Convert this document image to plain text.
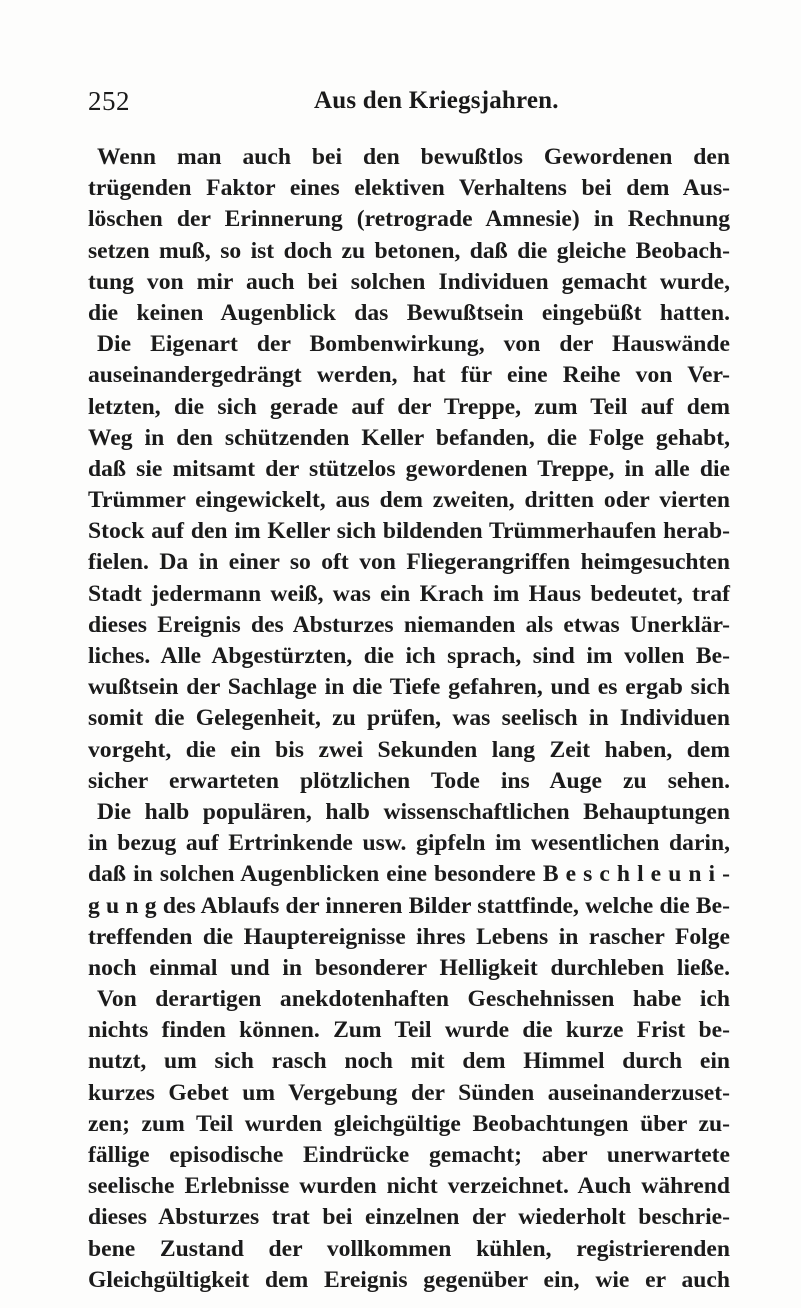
252	Aus den Kriegsjahren.
Wenn man auch bei den bewußtlos Gewordenen den
trügenden Faktor eines elektiven Verhaltens bei dem Aus-
löschen der Erinnerung (retrograde Amnesie) in Rechnung
setzen muß, so ist doch zu betonen, daß die gleiche Beobach-
tung von mir auch bei solchen Individuen gemacht wurde,
die keinen Augenblick das Bewußtsein eingebüßt hatten.
Die Eigenart der Bombenwirkung, von der Hauswände
auseinandergedrängt werden, hat für eine Reihe von Ver-
letzten, die sich gerade auf der Treppe, zum Teil auf dem
Weg in den schützenden Keller befanden, die Folge gehabt,
daß sie mitsamt der stützelos gewordenen Treppe, in alle die
Trümmer eingewickelt, aus dem zweiten, dritten oder vierten
Stock auf den im Keller sich bildenden Trümmerhaufen herab-
fielen. Da in einer so oft von Fliegerangriffen heimgesuchten
Stadt jedermann weiß, was ein Krach im Haus bedeutet, traf
dieses Ereignis des Absturzes niemanden als etwas Unerklär-
liches. Alle Abgestürzten, die ich sprach, sind im vollen Be-
wußtsein der Sachlage in die Tiefe gefahren, und es ergab sich
somit die Gelegenheit, zu prüfen, was seelisch in Individuen
vorgeht, die ein bis zwei Sekunden lang Zeit haben, dem
sicher erwarteten plötzlichen Tode ins Auge zu sehen.
Die halb populären, halb wissenschaftlichen Behauptungen
in bezug auf Ertrinkende usw. gipfeln im wesentlichen darin,
daß in solchen Augenblicken eine besondere B e s c h l e u n i -
g u n g des Ablaufs der inneren Bilder stattfinde, welche die Be-
treffenden die Hauptereignisse ihres Lebens in rascher Folge
noch einmal und in besonderer Helligkeit durchleben ließe.
Von derartigen anekdotenhaften Geschehnissen habe ich
nichts finden können. Zum Teil wurde die kurze Frist be-
nutzt, um sich rasch noch mit dem Himmel durch ein
kurzes Gebet um Vergebung der Sünden auseinanderzuset-
zen; zum Teil wurden gleichgültige Beobachtungen über zu-
fällige episodische Eindrücke gemacht; aber unerwartete
seelische Erlebnisse wurden nicht verzeichnet. Auch während
dieses Absturzes trat bei einzelnen der wiederholt beschrie-
bene Zustand der vollkommen kühlen, registrierenden
Gleichgültigkeit dem Ereignis gegenüber ein, wie er auch
